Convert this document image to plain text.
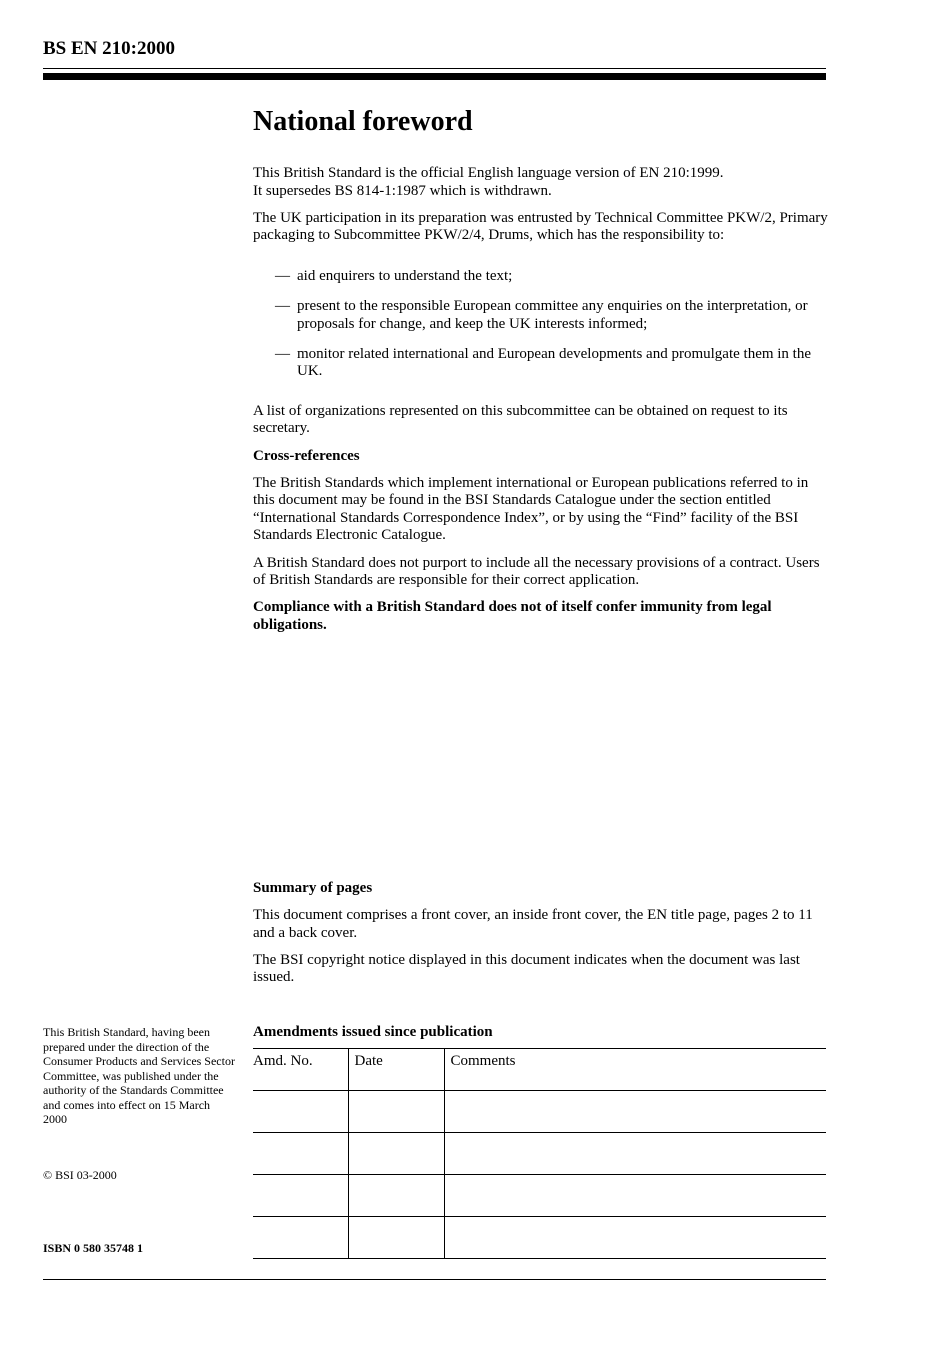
BS EN 210:2000
National foreword

This British Standard is the official English language version of EN 210:1999.

It supersedes BS 814-1:1987 which is withdrawn.

The UK participation in its preparation was entrusted by Technical Committee PKW/2, Primary packaging to Subcommittee PKW/2/4, Drums, which has the responsibility to:

— aid enquirers to understand the text;
— present to the responsible European committee any enquiries on the interpretation, or proposals for change, and keep the UK interests informed;
— monitor related international and European developments and promulgate them in the UK.

A list of organizations represented on this subcommittee can be obtained on request to its secretary.

Cross-references

The British Standards which implement international or European publications referred to in this document may be found in the BSI Standards Catalogue under the section entitled “International Standards Correspondence Index”, or by using the “Find” facility of the BSI Standards Electronic Catalogue.

A British Standard does not purport to include all the necessary provisions of a contract. Users of British Standards are responsible for their correct application.

Compliance with a British Standard does not of itself confer immunity from legal obligations.

Summary of pages

This document comprises a front cover, an inside front cover, the EN title page, pages 2 to 11 and a back cover.

The BSI copyright notice displayed in this document indicates when the document was last issued.

This British Standard, having been prepared under the direction of the Consumer Products and Services Sector Committee, was published under the authority of the Standards Committee and comes into effect on 15 March 2000
© BSI 03-2000
ISBN 0 580 35748 1
Amendments issued since publication
Amd. No.	Date	Comments
